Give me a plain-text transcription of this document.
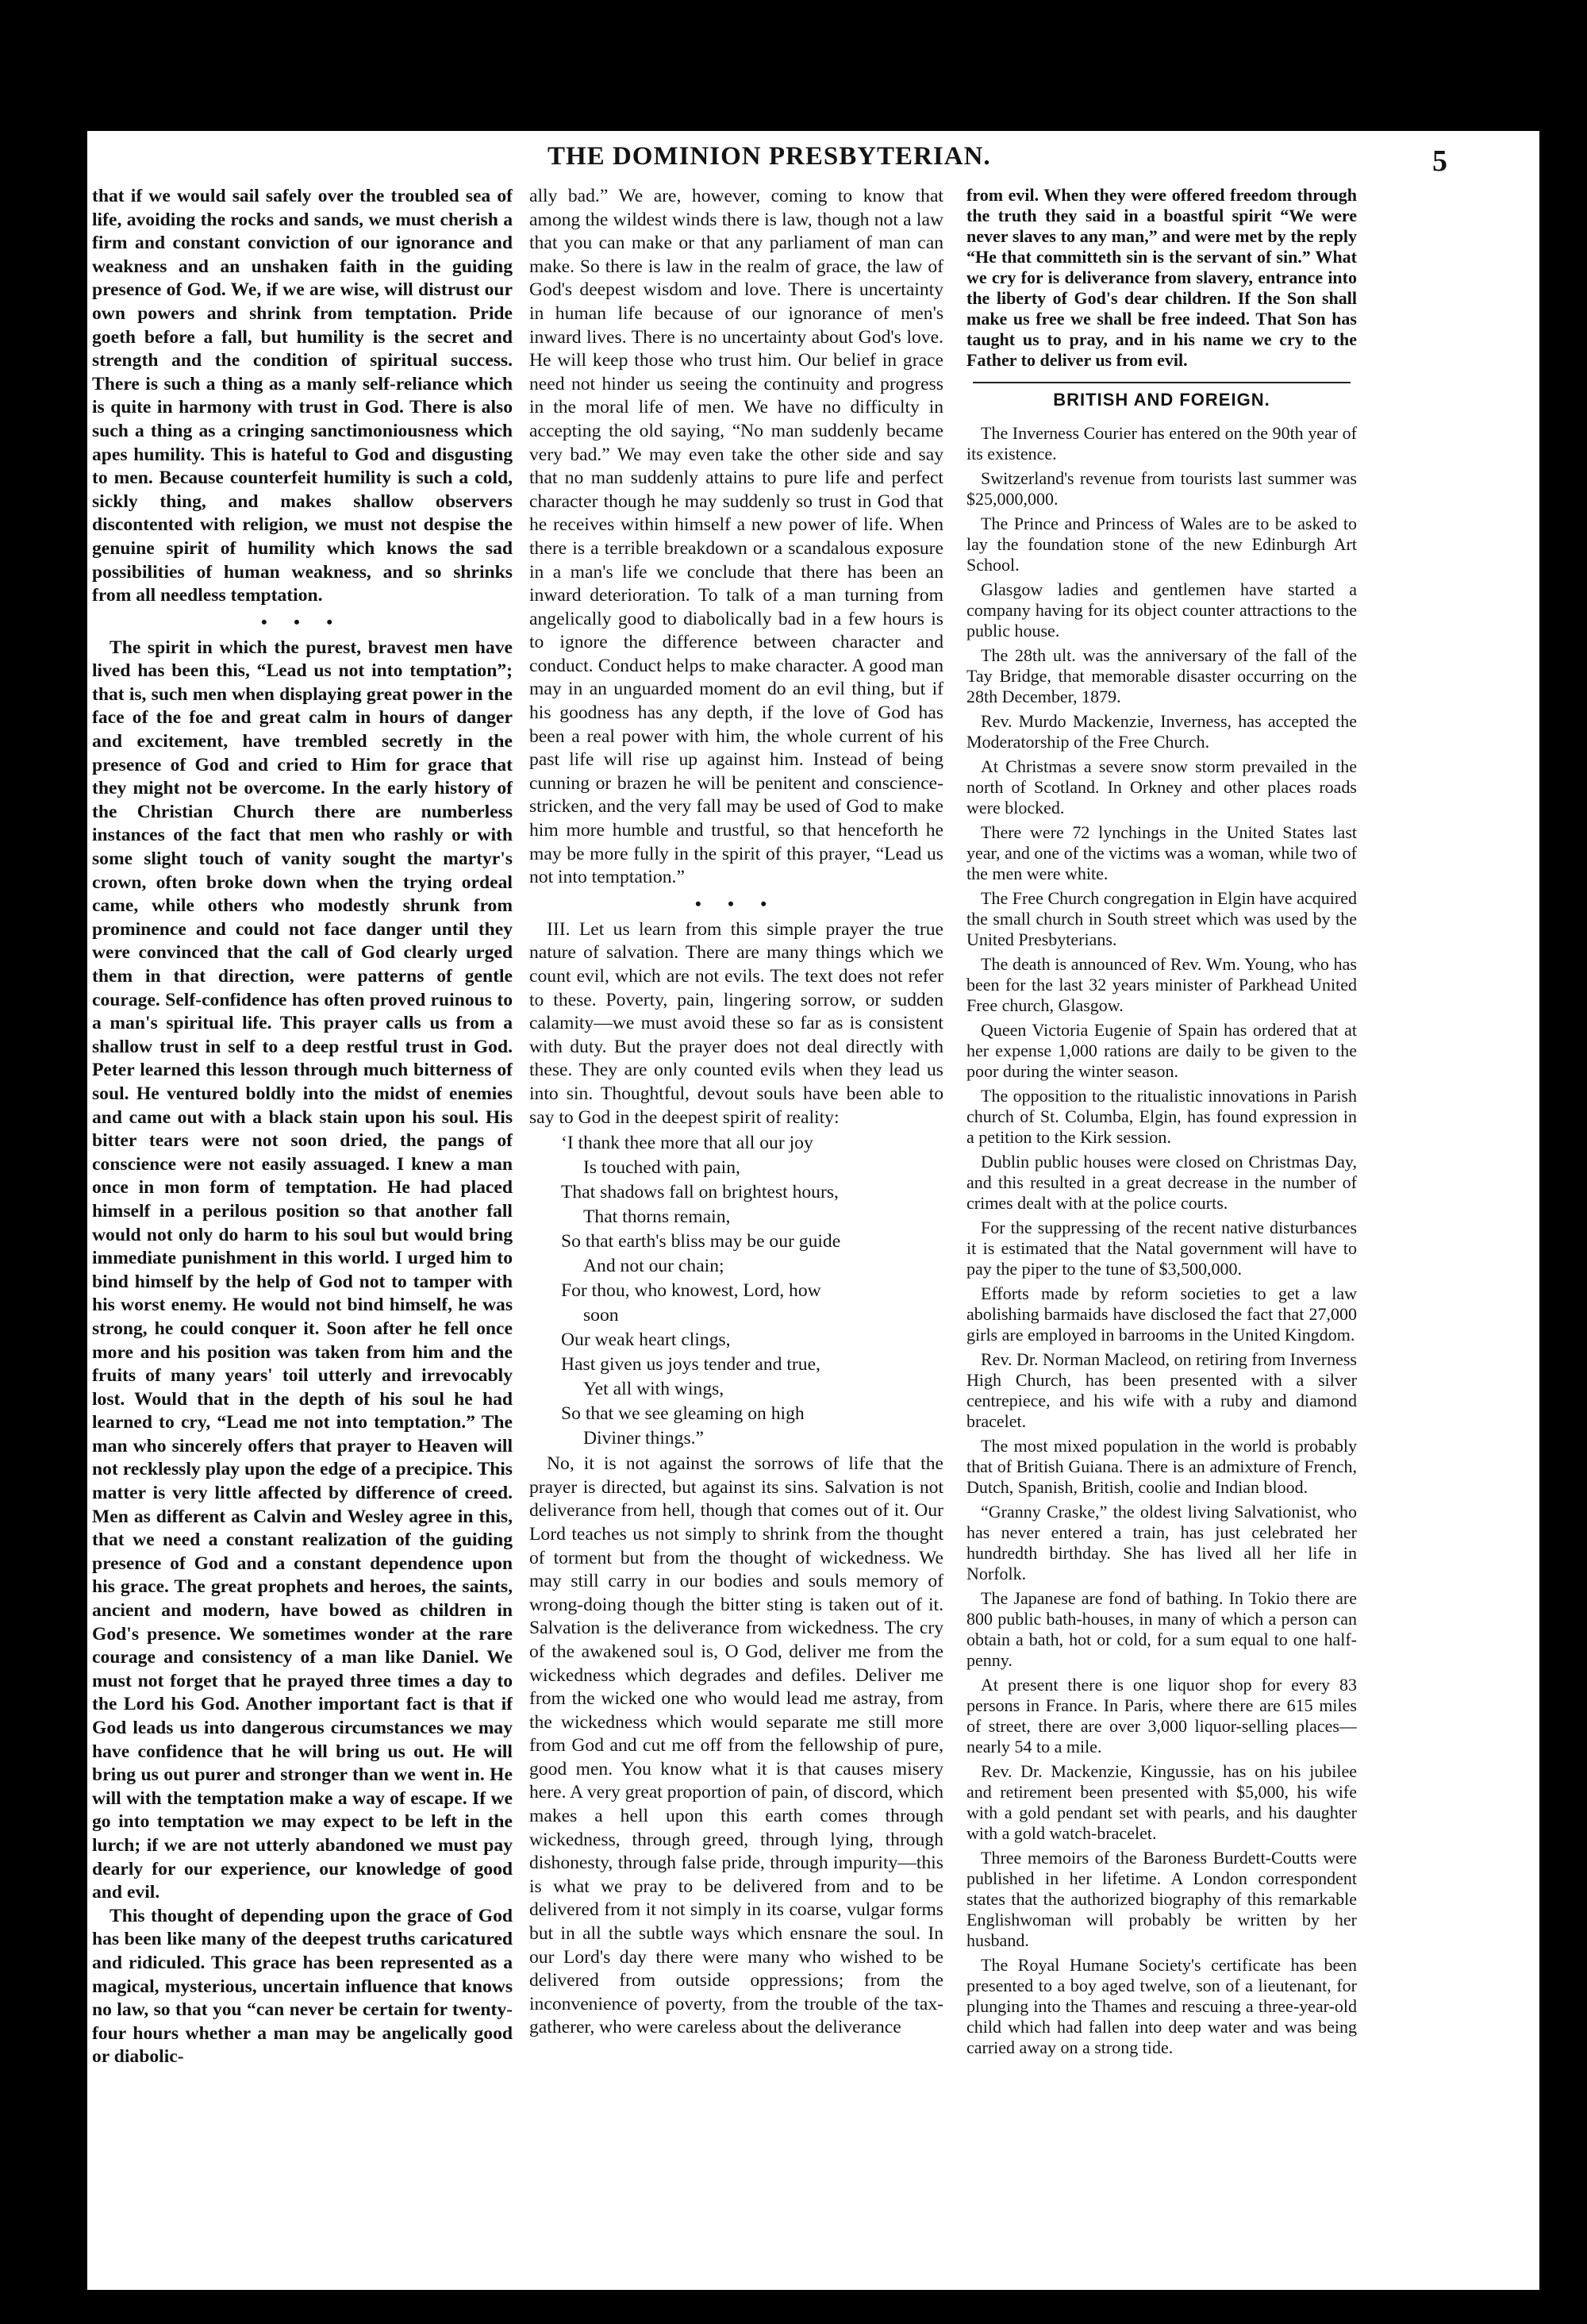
THE DOMINION PRESBYTERIAN.	5

that if we would sail safely over the troubled sea of life, avoiding the rocks and sands, we must cherish a firm and constant conviction of our ignorance and weakness and an unshaken faith in the guiding presence of God. We, if we are wise, will distrust our own powers and shrink from temptation. Pride goeth before a fall, but humility is the secret and strength and the condition of spiritual success. There is such a thing as a manly self-reliance which is quite in harmony with trust in God. There is also such a thing as a cringing sanctimoniousness which apes humility. This is hateful to God and disgusting to men. Because counterfeit humility is such a cold, sickly thing, and makes shallow observers discontented with religion, we must not despise the genuine spirit of humility which knows the sad possibilities of human weakness, and so shrinks from all needless temptation.

• • •

The spirit in which the purest, bravest men have lived has been this, “Lead us not into temptation”; that is, such men when displaying great power in the face of the foe and great calm in hours of danger and excitement, have trembled secretly in the presence of God and cried to Him for grace that they might not be overcome. In the early history of the Christian Church there are numberless instances of the fact that men who rashly or with some slight touch of vanity sought the martyr's crown, often broke down when the trying ordeal came, while others who modestly shrunk from prominence and could not face danger until they were convinced that the call of God clearly urged them in that direction, were patterns of gentle courage. Self-confidence has often proved ruinous to a man's spiritual life. This prayer calls us from a shallow trust in self to a deep restful trust in God. Peter learned this lesson through much bitterness of soul. He ventured boldly into the midst of enemies and came out with a black stain upon his soul. His bitter tears were not soon dried, the pangs of conscience were not easily assuaged. I knew a man once in mon form of temptation. He had placed himself in a perilous position so that another fall would not only do harm to his soul but would bring immediate punishment in this world. I urged him to bind himself by the help of God not to tamper with his worst enemy. He would not bind himself, he was strong, he could conquer it. Soon after he fell once more and his position was taken from him and the fruits of many years' toil utterly and irrevocably lost. Would that in the depth of his soul he had learned to cry, “Lead me not into temptation.” The man who sincerely offers that prayer to Heaven will not recklessly play upon the edge of a precipice. This matter is very little affected by difference of creed. Men as different as Calvin and Wesley agree in this, that we need a constant realization of the guiding presence of God and a constant dependence upon his grace. The great prophets and heroes, the saints, ancient and modern, have bowed as children in God's presence. We sometimes wonder at the rare courage and consistency of a man like Daniel. We must not forget that he prayed three times a day to the Lord his God. Another important fact is that if God leads us into dangerous circumstances we may have confidence that he will bring us out. He will bring us out purer and stronger than we went in. He will with the temptation make a way of escape. If we go into temptation we may expect to be left in the lurch; if we are not utterly abandoned we must pay dearly for our experience, our knowledge of good and evil.

This thought of depending upon the grace of God has been like many of the deepest truths caricatured and ridiculed. This grace has been represented as a magical, mysterious, uncertain influence that knows no law, so that you “can never be certain for twenty-four hours whether a man may be angelically good or diabolic-

ally bad.” We are, however, coming to know that among the wildest winds there is law, though not a law that you can make or that any parliament of man can make. So there is law in the realm of grace, the law of God's deepest wisdom and love. There is uncertainty in human life because of our ignorance of men's inward lives. There is no uncertainty about God's love. He will keep those who trust him. Our belief in grace need not hinder us seeing the continuity and progress in the moral life of men. We have no difficulty in accepting the old saying, “No man suddenly became very bad.” We may even take the other side and say that no man suddenly attains to pure life and perfect character though he may suddenly so trust in God that he receives within himself a new power of life. When there is a terrible breakdown or a scandalous exposure in a man's life we conclude that there has been an inward deterioration. To talk of a man turning from angelically good to diabolically bad in a few hours is to ignore the difference between character and conduct. Conduct helps to make character. A good man may in an unguarded moment do an evil thing, but if his goodness has any depth, if the love of God has been a real power with him, the whole current of his past life will rise up against him. Instead of being cunning or brazen he will be penitent and conscience-stricken, and the very fall may be used of God to make him more humble and trustful, so that henceforth he may be more fully in the spirit of this prayer, “Lead us not into temptation.”

• • •

III. Let us learn from this simple prayer the true nature of salvation. There are many things which we count evil, which are not evils. The text does not refer to these. Poverty, pain, lingering sorrow, or sudden calamity—we must avoid these so far as is consistent with duty. But the prayer does not deal directly with these. They are only counted evils when they lead us into sin. Thoughtful, devout souls have been able to say to God in the deepest spirit of reality:

‘I thank thee more that all our joy
Is touched with pain,
That shadows fall on brightest hours,
That thorns remain,
So that earth's bliss may be our guide
And not our chain;
For thou, who knowest, Lord, how
soon
Our weak heart clings,
Hast given us joys tender and true,
Yet all with wings,
So that we see gleaming on high
Diviner things.”

No, it is not against the sorrows of life that the prayer is directed, but against its sins. Salvation is not deliverance from hell, though that comes out of it. Our Lord teaches us not simply to shrink from the thought of torment but from the thought of wickedness. We may still carry in our bodies and souls memory of wrong-doing though the bitter sting is taken out of it. Salvation is the deliverance from wickedness. The cry of the awakened soul is, O God, deliver me from the wickedness which degrades and defiles. Deliver me from the wicked one who would lead me astray, from the wickedness which would separate me still more from God and cut me off from the fellowship of pure, good men. You know what it is that causes misery here. A very great proportion of pain, of discord, which makes a hell upon this earth comes through wickedness, through greed, through lying, through dishonesty, through false pride, through impurity—this is what we pray to be delivered from and to be delivered from it not simply in its coarse, vulgar forms but in all the subtle ways which ensnare the soul. In our Lord's day there were many who wished to be delivered from outside oppressions; from the inconvenience of poverty, from the trouble of the tax-gatherer, who were careless about the deliverance

from evil. When they were offered freedom through the truth they said in a boastful spirit “We were never slaves to any man,” and were met by the reply “He that committeth sin is the servant of sin.” What we cry for is deliverance from slavery, entrance into the liberty of God's dear children. If the Son shall make us free we shall be free indeed. That Son has taught us to pray, and in his name we cry to the Father to deliver us from evil.

BRITISH AND FOREIGN.

The Inverness Courier has entered on the 90th year of its existence.

Switzerland's revenue from tourists last summer was $25,000,000.

The Prince and Princess of Wales are to be asked to lay the foundation stone of the new Edinburgh Art School.

Glasgow ladies and gentlemen have started a company having for its object counter attractions to the public house.

The 28th ult. was the anniversary of the fall of the Tay Bridge, that memorable disaster occurring on the 28th December, 1879.

Rev. Murdo Mackenzie, Inverness, has accepted the Moderatorship of the Free Church.

At Christmas a severe snow storm prevailed in the north of Scotland. In Orkney and other places roads were blocked.

There were 72 lynchings in the United States last year, and one of the victims was a woman, while two of the men were white.

The Free Church congregation in Elgin have acquired the small church in South street which was used by the United Presbyterians.

The death is announced of Rev. Wm. Young, who has been for the last 32 years minister of Parkhead United Free church, Glasgow.

Queen Victoria Eugenie of Spain has ordered that at her expense 1,000 rations are daily to be given to the poor during the winter season.

The opposition to the ritualistic innovations in Parish church of St. Columba, Elgin, has found expression in a petition to the Kirk session.

Dublin public houses were closed on Christmas Day, and this resulted in a great decrease in the number of crimes dealt with at the police courts.

For the suppressing of the recent native disturbances it is estimated that the Natal government will have to pay the piper to the tune of $3,500,000.

Efforts made by reform societies to get a law abolishing barmaids have disclosed the fact that 27,000 girls are employed in barrooms in the United Kingdom.

Rev. Dr. Norman Macleod, on retiring from Inverness High Church, has been presented with a silver centrepiece, and his wife with a ruby and diamond bracelet.

The most mixed population in the world is probably that of British Guiana. There is an admixture of French, Dutch, Spanish, British, coolie and Indian blood.

“Granny Craske,” the oldest living Salvationist, who has never entered a train, has just celebrated her hundredth birthday. She has lived all her life in Norfolk.

The Japanese are fond of bathing. In Tokio there are 800 public bath-houses, in many of which a person can obtain a bath, hot or cold, for a sum equal to one half-penny.

At present there is one liquor shop for every 83 persons in France. In Paris, where there are 615 miles of street, there are over 3,000 liquor-selling places—nearly 54 to a mile.

Rev. Dr. Mackenzie, Kingussie, has on his jubilee and retirement been presented with $5,000, his wife with a gold pendant set with pearls, and his daughter with a gold watch-bracelet.

Three memoirs of the Baroness Burdett-Coutts were published in her lifetime. A London correspondent states that the authorized biography of this remarkable Englishwoman will probably be written by her husband.

The Royal Humane Society's certificate has been presented to a boy aged twelve, son of a lieutenant, for plunging into the Thames and rescuing a three-year-old child which had fallen into deep water and was being carried away on a strong tide.
